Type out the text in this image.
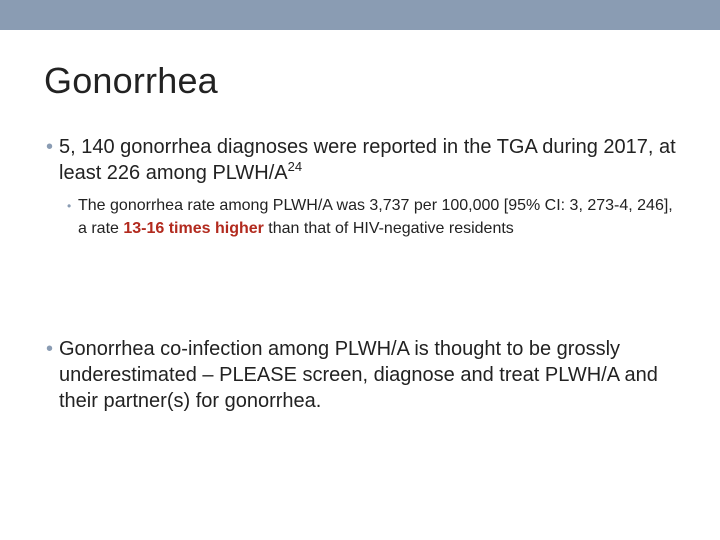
Gonorrhea

• 5, 140 gonorrhea diagnoses were reported in the TGA during 2017, at least 226 among PLWH/$A^{24}$

• The gonorrhea rate among PLWH/A was 3,737 per 100,000 [95% CI: 3, 273-4, 246], a rate 13-16 times higher than that of HIV-negative residents

• Gonorrhea co-infection among PLWH/A is thought to be grossly underestimated – PLEASE screen, diagnose and treat PLWH/A and their partner(s) for gonorrhea.
